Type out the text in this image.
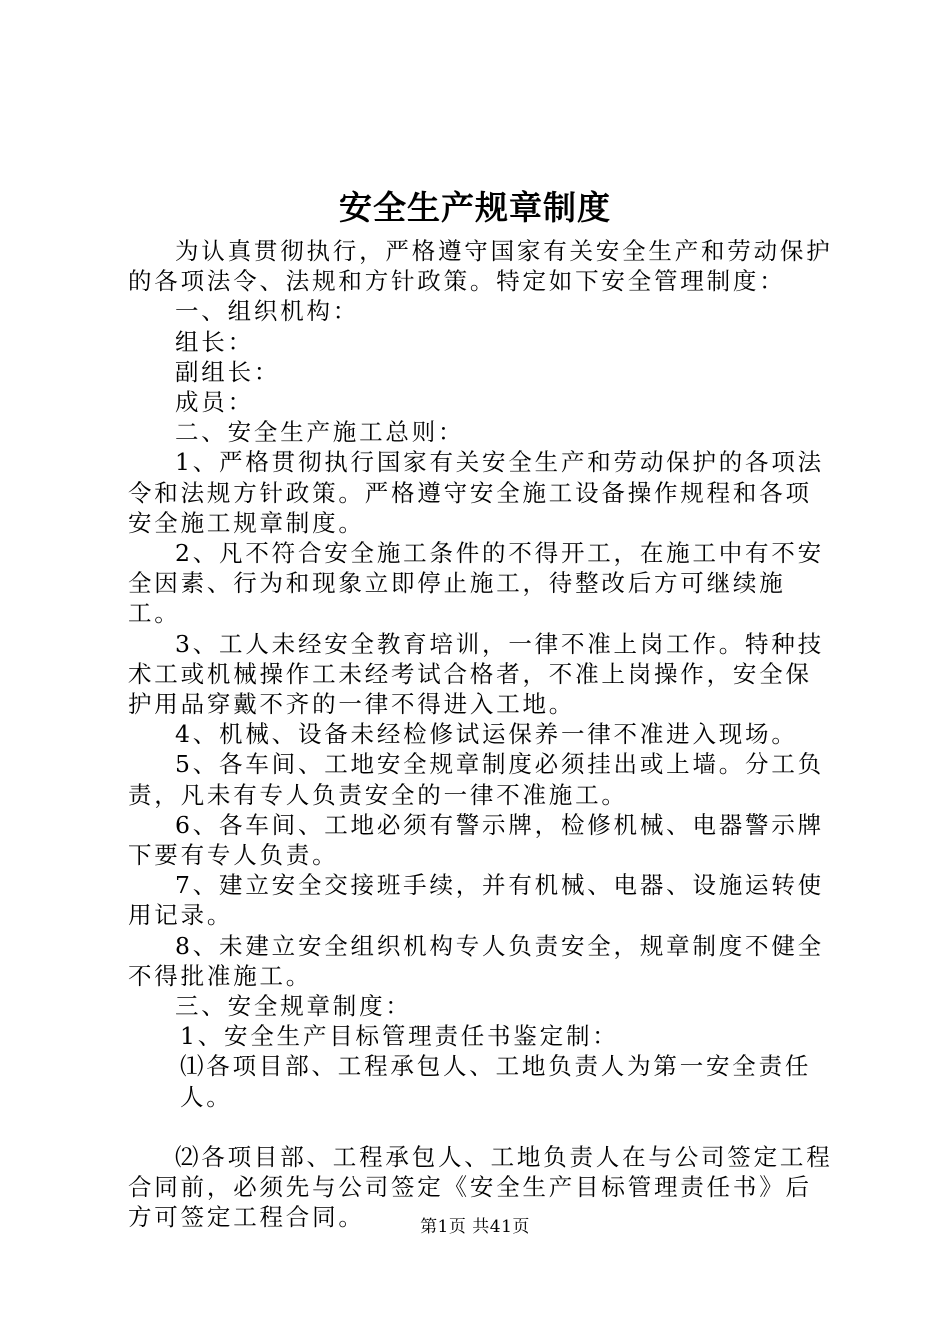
安全生产规章制度

为认真贯彻执行，严格遵守国家有关安全生产和劳动保护的各项法令、法规和方针政策。特定如下安全管理制度：

一、组织机构：

组长：

副组长：

成员：

二、安全生产施工总则：

1、严格贯彻执行国家有关安全生产和劳动保护的各项法令和法规方针政策。严格遵守安全施工设备操作规程和各项安全施工规章制度。

2、凡不符合安全施工条件的不得开工，在施工中有不安全因素、行为和现象立即停止施工，待整改后方可继续施工。

3、工人未经安全教育培训，一律不准上岗工作。特种技术工或机械操作工未经考试合格者，不准上岗操作，安全保护用品穿戴不齐的一律不得进入工地。

4、机械、设备未经检修试运保养一律不准进入现场。

5、各车间、工地安全规章制度必须挂出或上墙。分工负责，凡未有专人负责安全的一律不准施工。

6、各车间、工地必须有警示牌，检修机械、电器警示牌下要有专人负责。

7、建立安全交接班手续，并有机械、电器、设施运转使用记录。

8、未建立安全组织机构专人负责安全，规章制度不健全不得批准施工。

三、安全规章制度：

1、安全生产目标管理责任书鉴定制：

⑴各项目部、工程承包人、工地负责人为第一安全责任人。

⑵各项目部、工程承包人、工地负责人在与公司签定工程合同前，必须先与公司签定《安全生产目标管理责任书》后方可签定工程合同。	第1页 共41页
